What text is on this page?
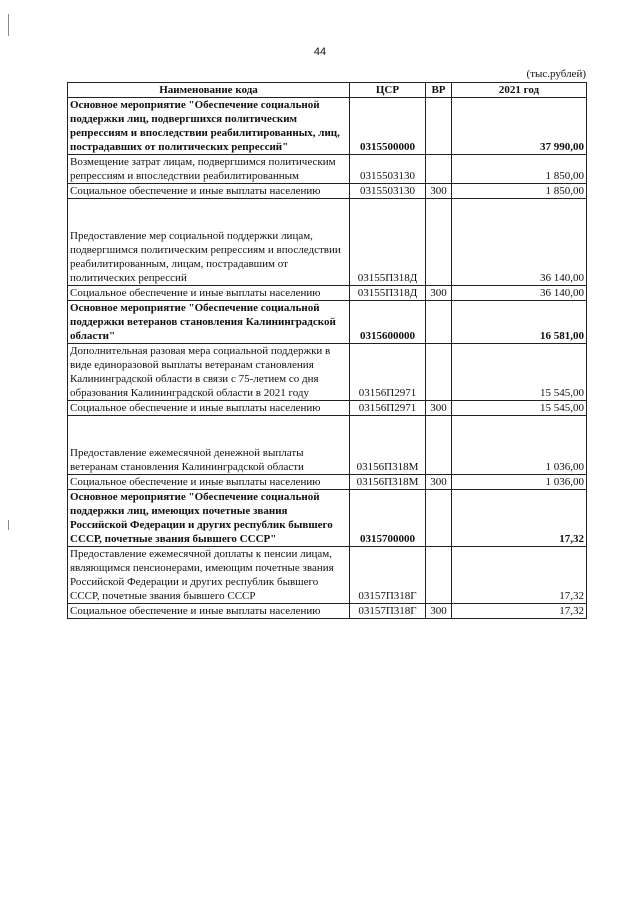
44
(тыс.рублей)
Наименование кода	ЦСР	ВР	2021 год
Основное мероприятие "Обеспечение социальной поддержки лиц, подвергшихся политическим репрессиям и впоследствии реабилитированных, лиц, пострадавших от политических репрессий"	0315500000		37 990,00
Возмещение затрат лицам, подвергшимся политическим репрессиям и впоследствии реабилитированным	0315503130		1 850,00
Социальное обеспечение и иные выплаты населению	0315503130	300	1 850,00
Предоставление мер социальной поддержки лицам, подвергшимся политическим репрессиям и впоследствии реабилитированным, лицам, пострадавшим от политических репрессий	03155П318Д		36 140,00
Социальное обеспечение и иные выплаты населению	03155П318Д	300	36 140,00
Основное мероприятие "Обеспечение социальной поддержки ветеранов становления Калининградской области"	0315600000		16 581,00
Дополнительная разовая мера социальной поддержки в виде единоразовой выплаты ветеранам становления Калининградской области в связи с 75-летием со дня образования Калининградской области в 2021 году	03156П2971		15 545,00
Социальное обеспечение и иные выплаты населению	03156П2971	300	15 545,00
Предоставление ежемесячной денежной выплаты ветеранам становления Калининградской области	03156П318М		1 036,00
Социальное обеспечение и иные выплаты населению	03156П318М	300	1 036,00
Основное мероприятие "Обеспечение социальной поддержки лиц, имеющих почетные звания Российской Федерации и других республик бывшего СССР, почетные звания бывшего СССР"	0315700000		17,32
Предоставление ежемесячной доплаты к пенсии лицам, являющимся пенсионерами, имеющим почетные звания Российской Федерации и других республик бывшего СССР, почетные звания бывшего СССР	03157П318Г		17,32
Социальное обеспечение и иные выплаты населению	03157П318Г	300	17,32
